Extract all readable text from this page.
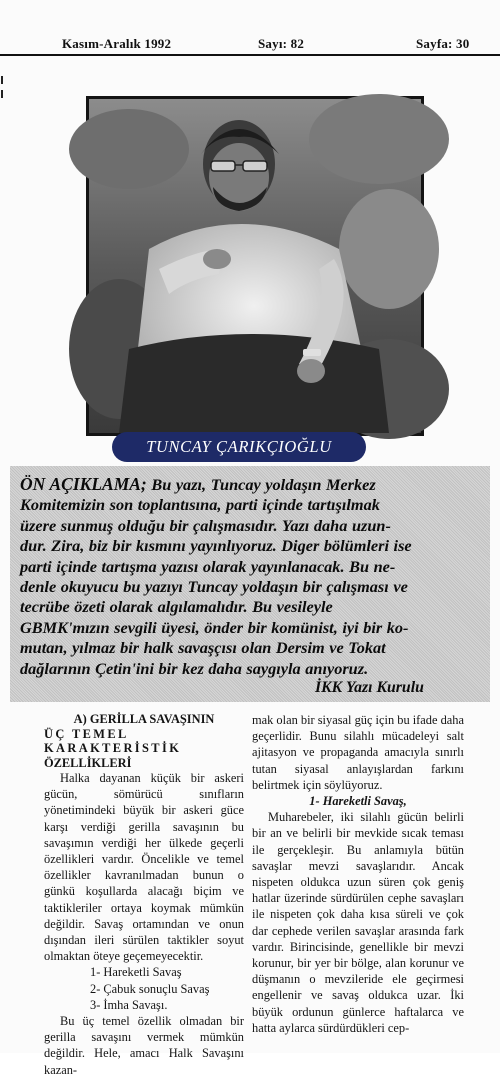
Kasım-Aralık 1992	Sayı: 82	Sayfa: 30
TUNCAY ÇARIKÇIOĞLU
ÖN AÇIKLAMA; Bu yazı, Tuncay yoldaşın Merkez
Komitemizin son toplantısına, parti içinde tartışılmak
üzere sunmuş olduğu bir çalışmasıdır. Yazı daha uzun-
dur. Zira, biz bir kısmını yayınlıyoruz. Diger bölümleri ise
parti içinde tartışma yazısı olarak yayınlanacak. Bu ne-
denle okuyucu bu yazıyı Tuncay yoldaşın bir çalışması ve
tecrübe özeti olarak algılamalıdır. Bu vesileyle
GBMK'mızın sevgili üyesi, önder bir komünist, iyi bir ko-
mutan, yılmaz bir halk savaşçısı olan Dersim ve Tokat
dağlarının Çetin'ini bir kez daha saygıyla anıyoruz.
İKK Yazı Kurulu
A) GERİLLA SAVAŞININ
ÜÇ TEMEL KARAKTERİSTİK
ÖZELLİKLERİ

Halka dayanan küçük bir askeri gücün, sömürücü sınıfların yönetimindeki büyük bir askeri güce karşı verdiği gerilla savaşının bu savaşımın verdiği her ülkede geçerli özellikleri vardır. Öncelikle ve temel özellikler kavranılmadan bunun o günkü koşullarda alacağı biçim ve taktikleriler ortaya koymak mümkün değildir. Savaş ortamından ve onun dışından ileri sürülen taktikler soyut olmaktan öteye geçemeyecektir.

1- Hareketli Savaş
2- Çabuk sonuçlu Savaş
3- İmha Savaşı.

Bu üç temel özellik olmadan bir gerilla savaşını vermek mümkün değildir. Hele, amacı Halk Savaşını kazan-

mak olan bir siyasal güç için bu ifade daha geçerlidir. Bunu silahlı mücadeleyi salt ajitasyon ve propaganda amacıyla sınırlı tutan siyasal anlayışlardan farkını belirtmek için söylüyoruz.

1- Hareketli Savaş,

Muharebeler, iki silahlı gücün belirli bir an ve belirli bir mevkide sıcak teması ile gerçekleşir. Bu anlamıyla bütün savaşlar mevzi savaşlarıdır. Ancak nispeten oldukca uzun süren çok geniş hatlar üzerinde sürdürülen cephe savaşları ile nispeten çok daha kısa süreli ve çok dar cephede verilen savaşlar arasında fark vardır. Birincisinde, genellikle bir mevzi korunur, bir yer bir bölge, alan korunur ve düşmanın o mevzileride ele geçirmesi engellenir ve savaş oldukca uzar. İki büyük ordunun günlerce haftalarca ve hatta aylarca sürdürdükleri cep-
